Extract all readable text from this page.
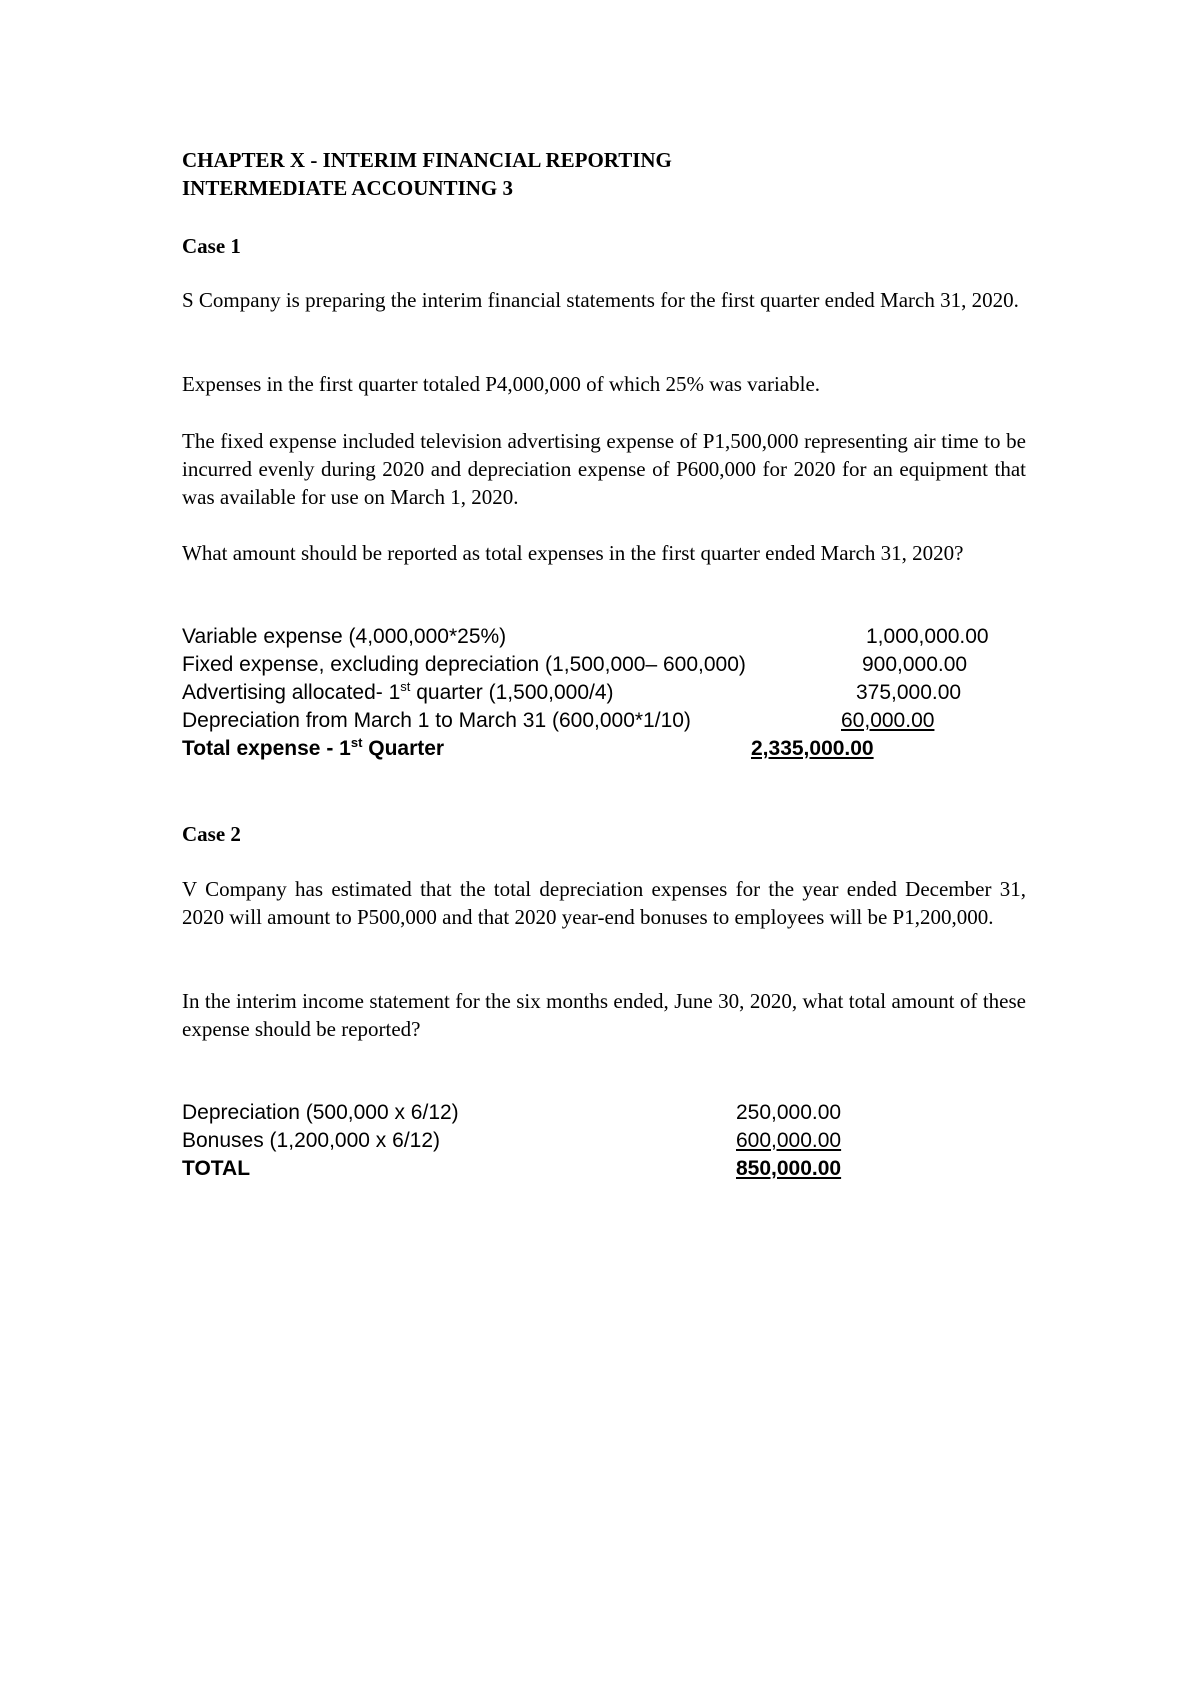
CHAPTER X - INTERIM FINANCIAL REPORTING
INTERMEDIATE ACCOUNTING 3
Case 1
S Company is preparing the interim financial statements for the first quarter ended March 31, 2020.
Expenses in the first quarter totaled P4,000,000 of which 25% was variable.
The fixed expense included television advertising expense of P1,500,000 representing air time to be incurred evenly during 2020 and depreciation expense of P600,000 for 2020 for an equipment that was available for use on March 1, 2020.
What amount should be reported as total expenses in the first quarter ended March 31, 2020?
Variable expense (4,000,000*25%)	1,000,000.00
Fixed expense, excluding depreciation (1,500,000– 600,000)	900,000.00
Advertising allocated- 1st quarter (1,500,000/4)	375,000.00
Depreciation from March 1 to March 31 (600,000*1/10)	60,000.00
Total expense - 1st Quarter	2,335,000.00
Case 2
V Company has estimated that the total depreciation expenses for the year ended December 31, 2020 will amount to P500,000 and that 2020 year-end bonuses to employees will be P1,200,000.
In the interim income statement for the six months ended, June 30, 2020, what total amount of these expense should be reported?
Depreciation (500,000 x 6/12)	250,000.00
Bonuses (1,200,000 x 6/12)	600,000.00
TOTAL	850,000.00
